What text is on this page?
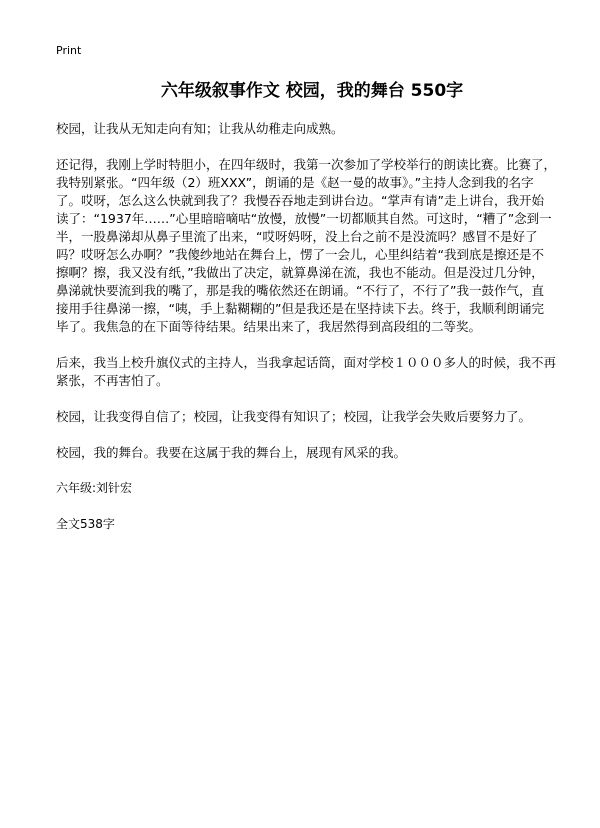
Print
六年级叙事作文 校园，我的舞台 550字
校园，让我从无知走向有知；让我从幼稚走向成熟。
还记得，我刚上学时特胆小，在四年级时，我第一次参加了学校举行的朗读比赛。比赛了，我特别紧张。“四年级（2）班XXX”，朗诵的是《赵一曼的故事》。”主持人念到我的名字了。哎呀，怎么这么快就到我了？我慢吞吞地走到讲台边。“掌声有请”走上讲台，我开始读了：“1937年……”心里暗暗嘀咕“放慢，放慢”一切都顺其自然。可这时，“糟了”念到一半，一股鼻涕却从鼻子里流了出来，“哎呀妈呀，没上台之前不是没流吗？感冒不是好了吗？哎呀怎么办啊？”我傻纱地站在舞台上，愣了一会儿，心里纠结着“我到底是擦还是不擦啊？擦，我又没有纸，”我做出了决定，就算鼻涕在流，我也不能动。但是没过几分钟，鼻涕就快要流到我的嘴了，那是我的嘴依然还在朗诵。“不行了，不行了”我一鼓作气，直接用手往鼻涕一擦，“咦，手上黏糊糊的”但是我还是在坚持读下去。终于，我顺利朗诵完毕了。我焦急的在下面等待结果。结果出来了，我居然得到高段组的二等奖。
后来，我当上校升旗仪式的主持人，当我拿起话筒，面对学校１０００多人的时候，我不再紧张，不再害怕了。
校园，让我变得自信了；校园，让我变得有知识了；校园，让我学会失败后要努力了。
校园，我的舞台。我要在这属于我的舞台上，展现有风采的我。
六年级:刘针宏
全文538字
